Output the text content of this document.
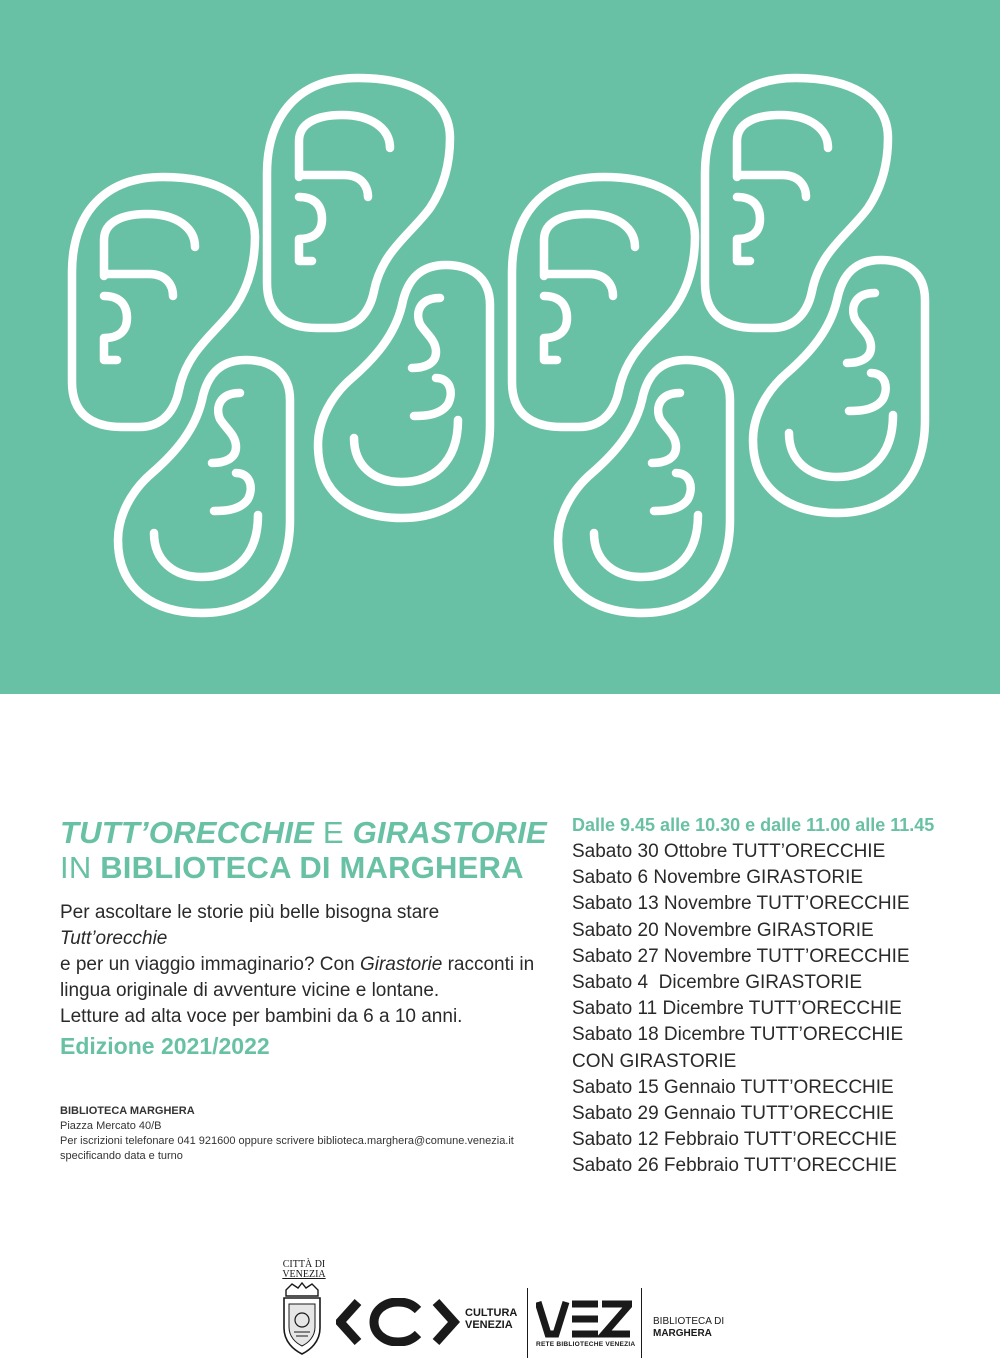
TUTT’ORECCHIE E GIRASTORIE
IN BIBLIOTECA DI MARGHERA
Per ascoltare le storie più belle bisogna stare Tutt’orecchie
e per un viaggio immaginario? Con Girastorie racconti in
lingua originale di avventure vicine e lontane.
Letture ad alta voce per bambini da 6 a 10 anni.
Edizione 2021/2022
BIBLIOTECA MARGHERA
Piazza Mercato 40/B
Per iscrizioni telefonare 041 921600 oppure scrivere biblioteca.marghera@comune.venezia.it
specificando data e turno
Dalle 9.45 alle 10.30 e dalle 11.00 alle 11.45
Sabato 30 Ottobre TUTT’ORECCHIE
Sabato 6 Novembre GIRASTORIE
Sabato 13 Novembre TUTT’ORECCHIE
Sabato 20 Novembre GIRASTORIE
Sabato 27 Novembre TUTT’ORECCHIE
Sabato 4  Dicembre GIRASTORIE
Sabato 11 Dicembre TUTT’ORECCHIE
Sabato 18 Dicembre TUTT’ORECCHIE
CON GIRASTORIE
Sabato 15 Gennaio TUTT’ORECCHIE
Sabato 29 Gennaio TUTT’ORECCHIE
Sabato 12 Febbraio TUTT’ORECCHIE
Sabato 26 Febbraio TUTT’ORECCHIE
CITTÀ DI
VENEZIA
CULTURA
VENEZIA
RETE BIBLIOTECHE VENEZIA
BIBLIOTECA DI
MARGHERA
